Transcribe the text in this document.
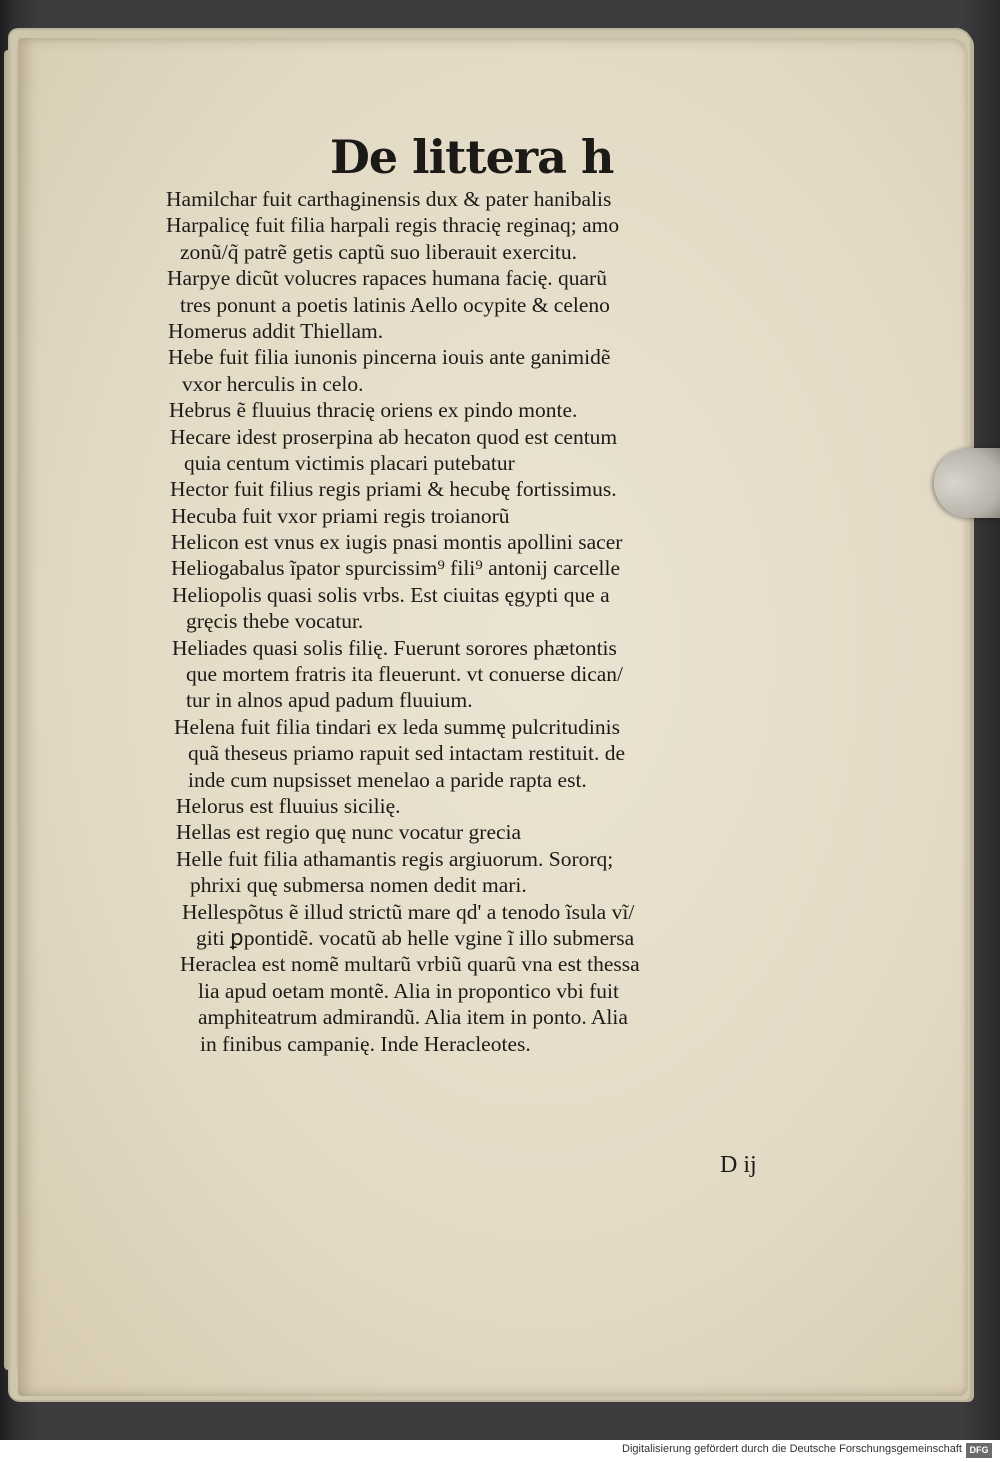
De littera h
Hamilchar fuit carthaginensis dux & pater hanibalis
Harpalicę fuit filia harpali regis thracię reginaq; amo
zonũ/q̃ patrẽ getis captũ suo liberauit exercitu.
Harpye dicũt volucres rapaces humana facię. quarũ
tres ponunt a poetis latinis Aello ocypite & celeno
Homerus addit Thiellam.
Hebe fuit filia iunonis pincerna iouis ante ganimidẽ
vxor herculis in celo.
Hebrus ẽ fluuius thracię oriens ex pindo monte.
Hecare idest proserpina ab hecaton quod est centum
quia centum victimis placari putebatur
Hector fuit filius regis priami & hecubę fortissimus.
Hecuba fuit vxor priami regis troianorũ
Helicon est vnus ex iugis pnasi montis apollini sacer
Heliogabalus ĩpator spurcissim⁹ fili⁹ antonij carcelle
Heliopolis quasi solis vrbs. Est ciuitas ęgypti que a
gręcis thebe vocatur.
Heliades quasi solis filię. Fuerunt sorores phætontis
que mortem fratris ita fleuerunt. vt conuerse dican/
tur in alnos apud padum fluuium.
Helena fuit filia tindari ex leda summę pulcritudinis
quã theseus priamo rapuit sed intactam restituit. de
inde cum nupsisset menelao a paride rapta est.
Helorus est fluuius sicilię.
Hellas est regio quę nunc vocatur grecia
Helle fuit filia athamantis regis argiuorum. Sororq;
phrixi quę submersa nomen dedit mari.
Hellespõtus ẽ illud strictũ mare qd' a tenodo ĩsula vĩ/
giti ꝑpontidẽ. vocatũ ab helle vgine ĩ illo submersa
Heraclea est nomẽ multarũ vrbiũ quarũ vna est thessa
lia apud oetam montẽ. Alia in propontico vbi fuit
amphiteatrum admirandũ. Alia item in ponto. Alia
in finibus campanię. Inde Heracleotes.
D ij
Digitalisierung gefördert durch die Deutsche Forschungsgemeinschaft DFG
